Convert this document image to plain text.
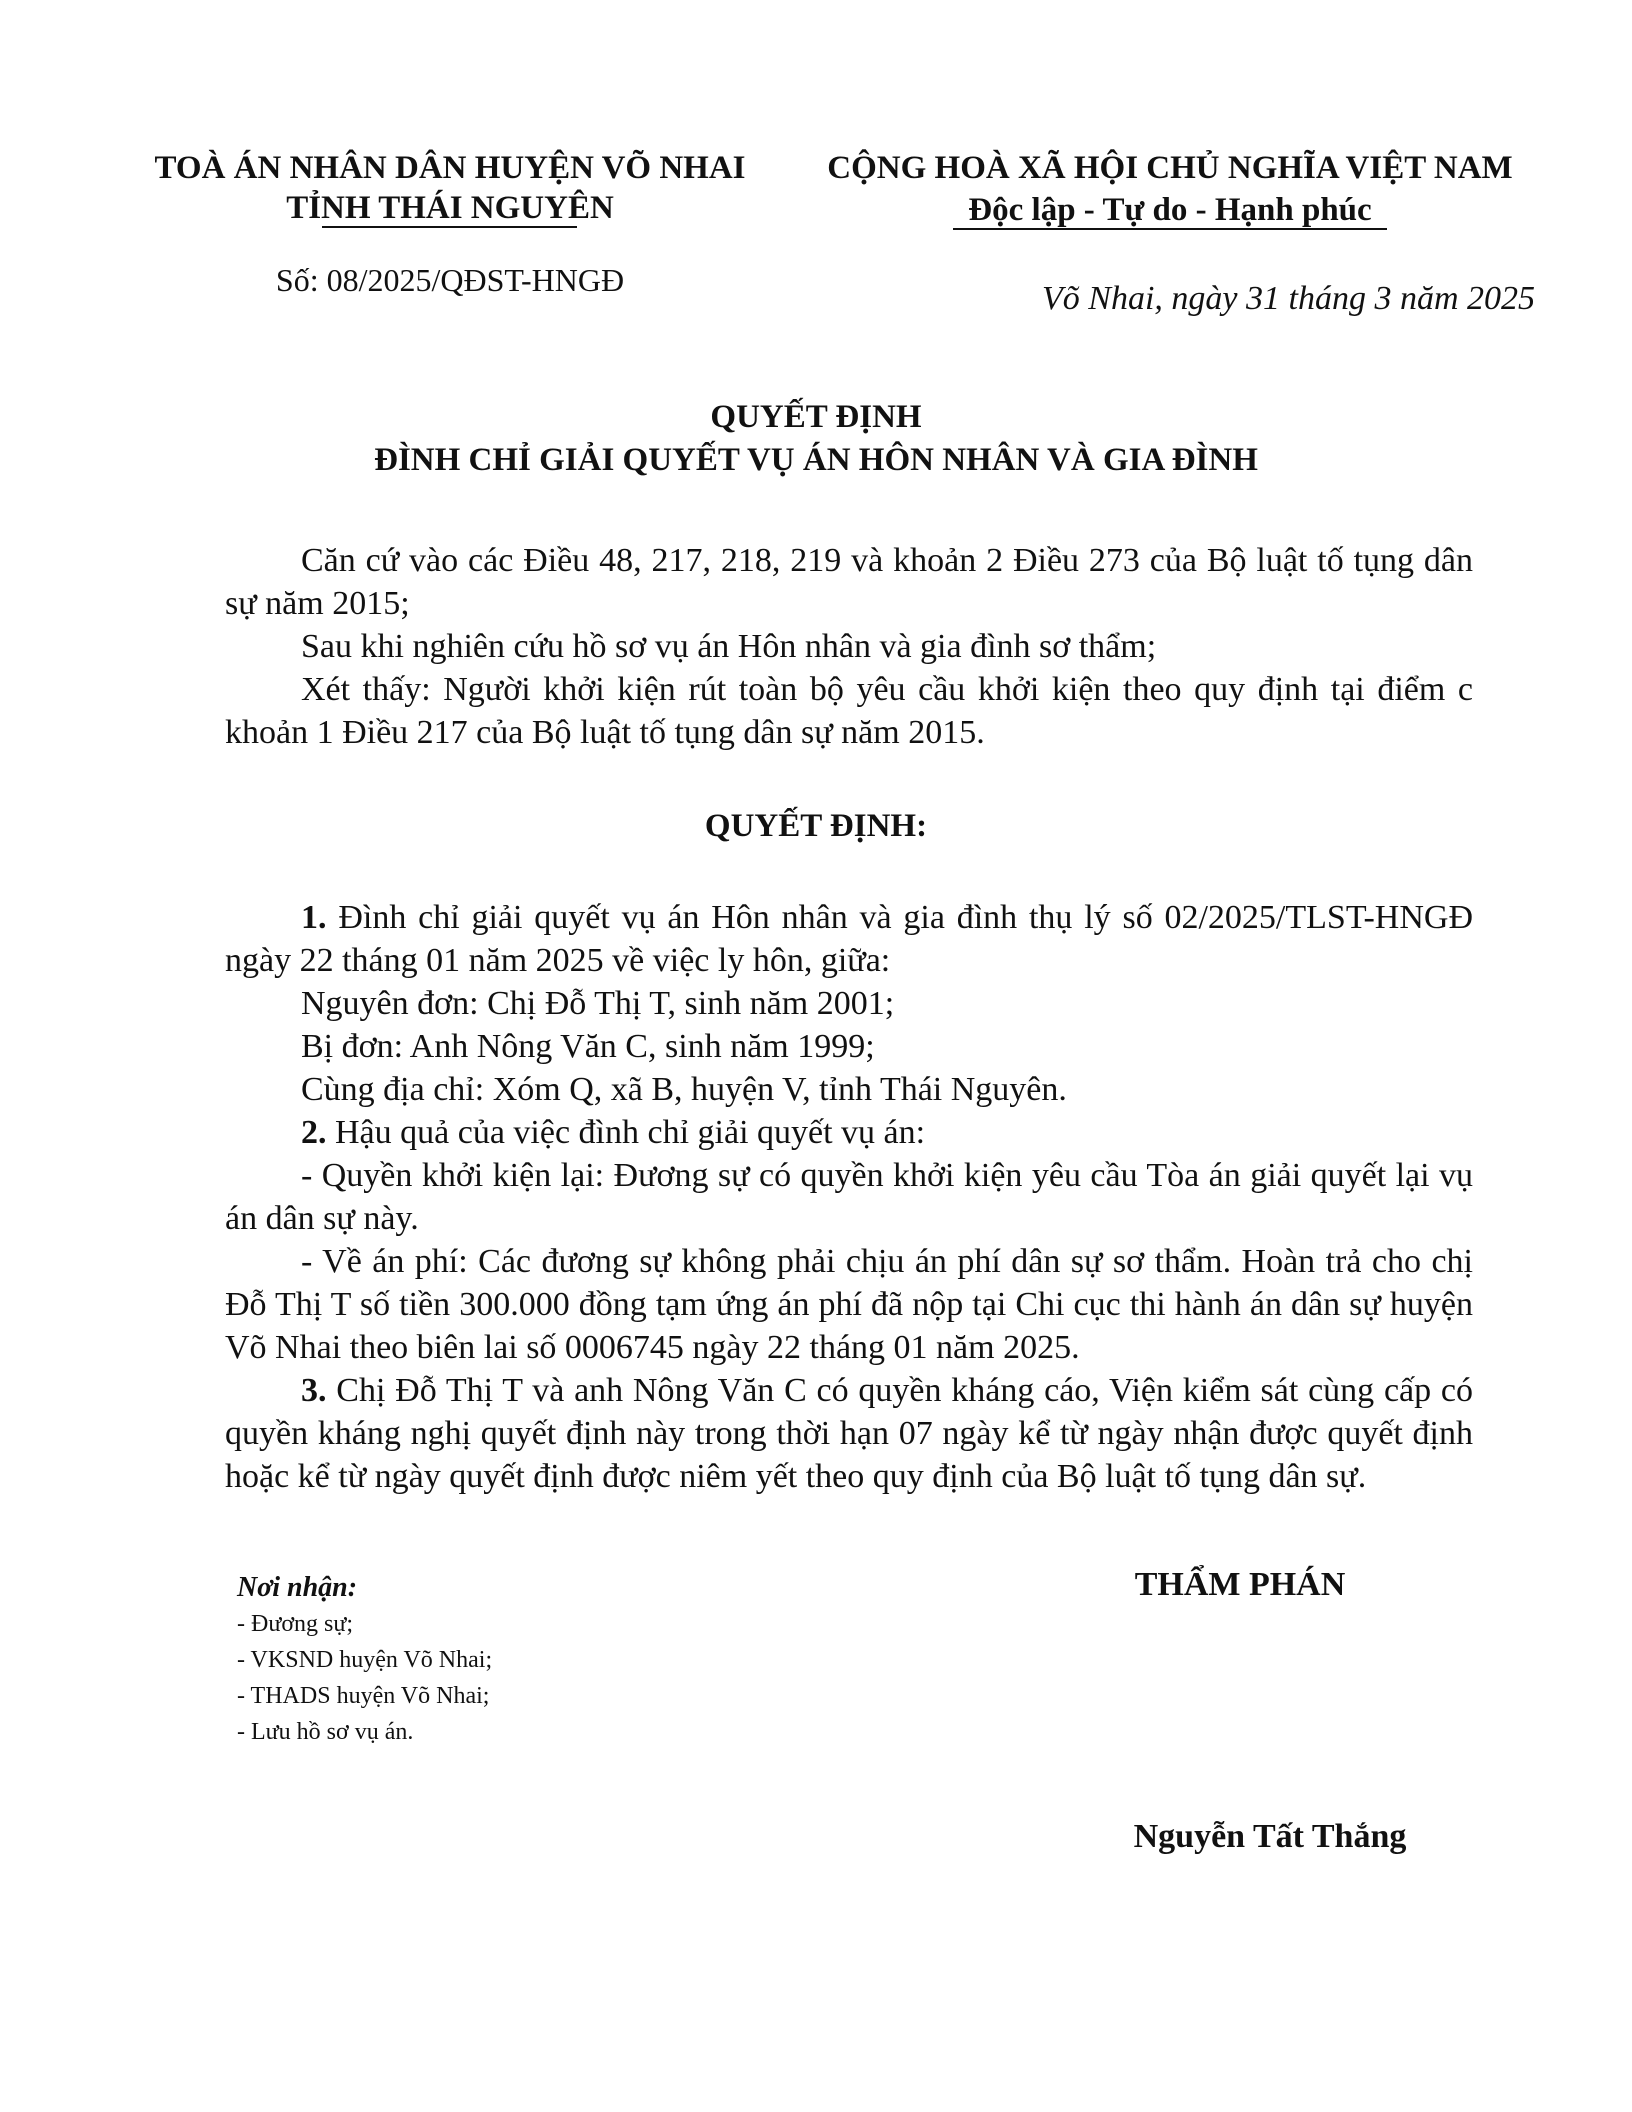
TOÀ ÁN NHÂN DÂN HUYỆN VÕ NHAI
TỈNH THÁI NGUYÊN
Số: 08/2025/QĐST-HNGĐ
CỘNG HOÀ XÃ HỘI CHỦ NGHĨA VIỆT NAM
Độc lập - Tự do - Hạnh phúc
Võ Nhai, ngày 31 tháng 3 năm 2025
QUYẾT ĐỊNH
ĐÌNH CHỈ GIẢI QUYẾT VỤ ÁN HÔN NHÂN VÀ GIA ĐÌNH

Căn cứ vào các Điều 48, 217, 218, 219 và khoản 2 Điều 273 của Bộ luật tố tụng dân sự năm 2015;

Sau khi nghiên cứu hồ sơ vụ án Hôn nhân và gia đình sơ thẩm;

Xét thấy: Người khởi kiện rút toàn bộ yêu cầu khởi kiện theo quy định tại điểm c khoản 1 Điều 217 của Bộ luật tố tụng dân sự năm 2015.

QUYẾT ĐỊNH:

1. Đình chỉ giải quyết vụ án Hôn nhân và gia đình thụ lý số 02/2025/TLST-HNGĐ ngày 22 tháng 01 năm 2025 về việc ly hôn, giữa:

Nguyên đơn: Chị Đỗ Thị T, sinh năm 2001;

Bị đơn: Anh Nông Văn C, sinh năm 1999;

Cùng địa chỉ: Xóm Q, xã B, huyện V, tỉnh Thái Nguyên.

2. Hậu quả của việc đình chỉ giải quyết vụ án:

- Quyền khởi kiện lại: Đương sự có quyền khởi kiện yêu cầu Tòa án giải quyết lại vụ án dân sự này.

- Về án phí: Các đương sự không phải chịu án phí dân sự sơ thẩm. Hoàn trả cho chị Đỗ Thị T số tiền 300.000 đồng tạm ứng án phí đã nộp tại Chi cục thi hành án dân sự huyện Võ Nhai theo biên lai số 0006745 ngày 22 tháng 01 năm 2025.

3. Chị Đỗ Thị T và anh Nông Văn C có quyền kháng cáo, Viện kiểm sát cùng cấp có quyền kháng nghị quyết định này trong thời hạn 07 ngày kể từ ngày nhận được quyết định hoặc kể từ ngày quyết định được niêm yết theo quy định của Bộ luật tố tụng dân sự.

Nơi nhận:
- Đương sự;
- VKSND huyện Võ Nhai;
- THADS huyện Võ Nhai;
- Lưu hồ sơ vụ án.
THẨM PHÁN
Nguyễn Tất Thắng
